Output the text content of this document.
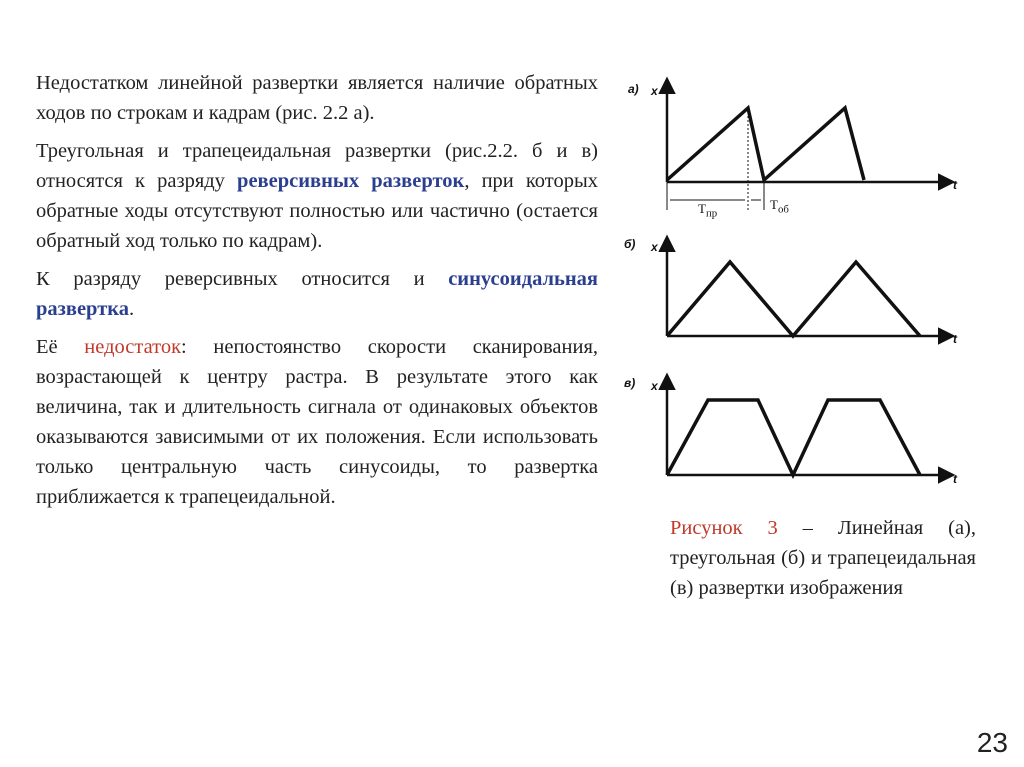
Недостатком линейной развертки является наличие обратных ходов по строкам и кадрам (рис. 2.2 а).

Треугольная и трапецеидальная развертки (рис.2.2. б и в) относятся к разряду реверсивных разверток, при которых обратные ходы отсутствуют полностью или частично (остается обратный ход только по кадрам).

К разряду реверсивных относится и синусоидальная развертка.

Её недостаток: непостоянство скорости сканирования, возрастающей к центру растра. В результате этого как величина, так и длительность сигнала от одинаковых объектов оказываются зависимыми от их положения. Если использовать только центральную часть синусоиды, то развертка приближается к трапецеидальной.

а) x
t
$T_{пр}$
$T_{об}$
б) x
t
в) x
t
Рисунок 3 – Линейная (а), треугольная (б) и трапецеидальная (в) развертки изображения
23
